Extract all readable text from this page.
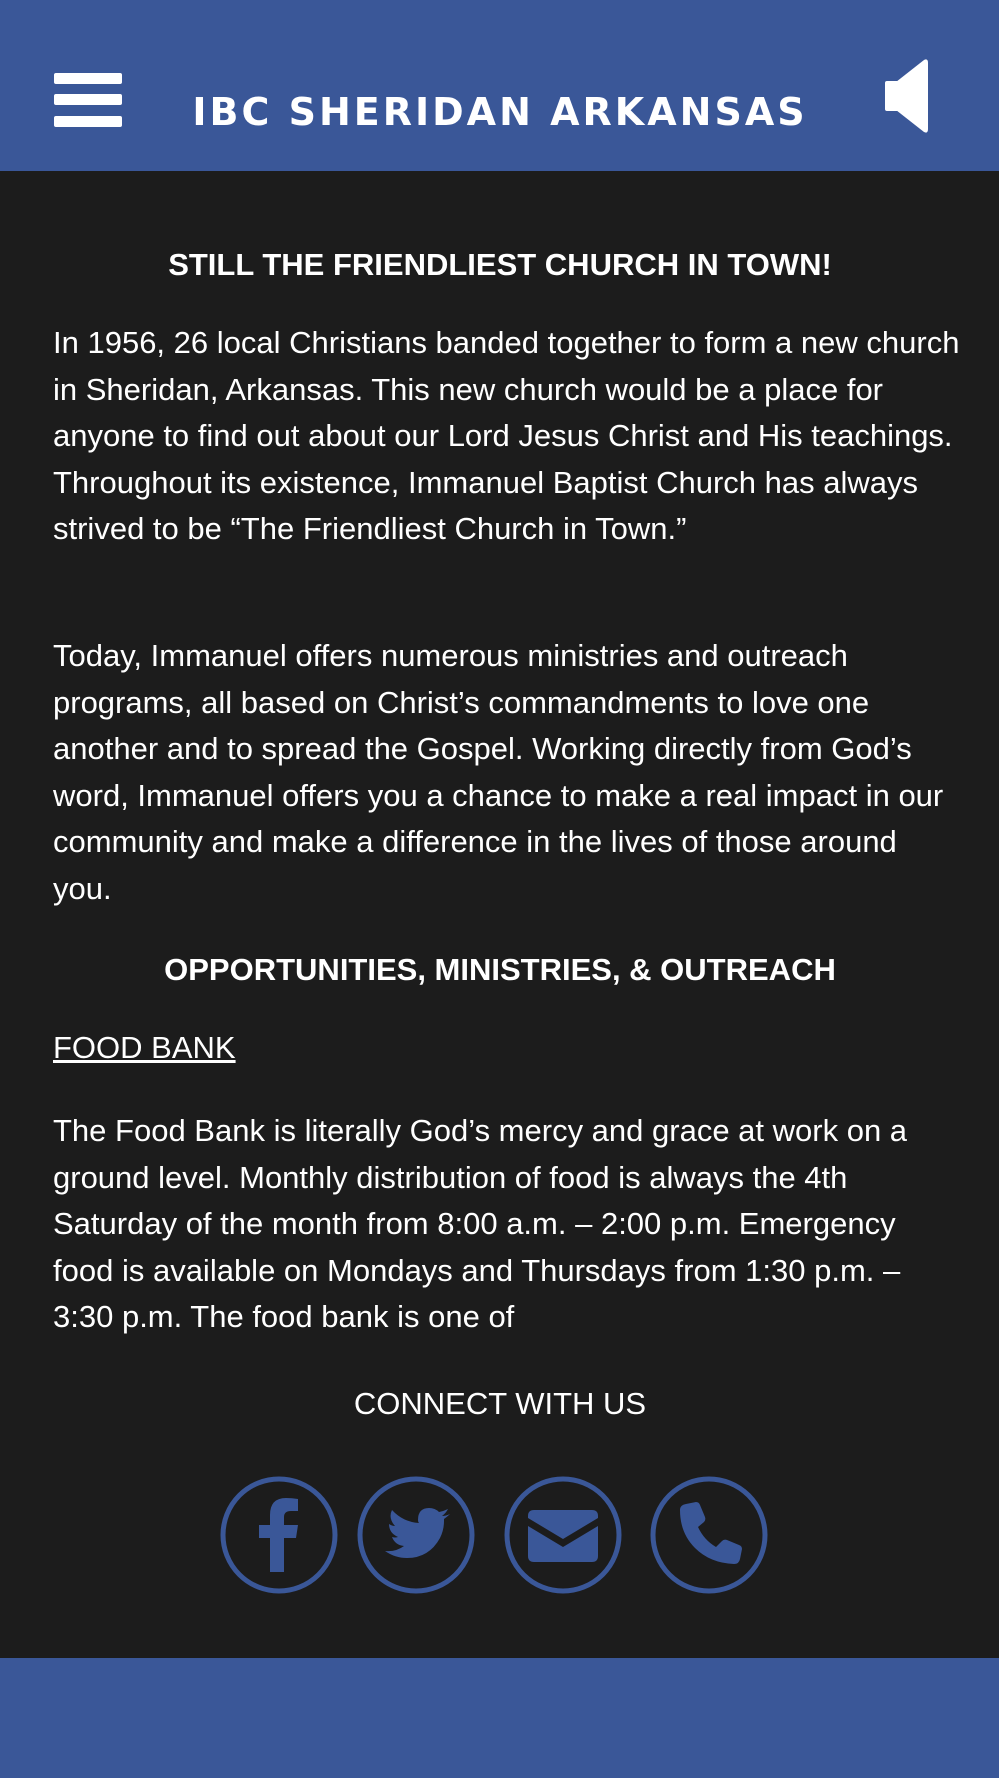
IBC SHERIDAN ARKANSAS
STILL THE FRIENDLIEST CHURCH IN TOWN!

In 1956, 26 local Christians banded together to form a new church in Sheridan, Arkansas. This new church would be a place for anyone to find out about our Lord Jesus Christ and His teachings. Throughout its existence, Immanuel Baptist Church has always strived to be “The Friendliest Church in Town.”

Today, Immanuel offers numerous ministries and outreach programs, all based on Christ’s commandments to love one another and to spread the Gospel. Working directly from God’s word, Immanuel offers you a chance to make a real impact in our community and make a difference in the lives of those around you.

OPPORTUNITIES, MINISTRIES, & OUTREACH
FOOD BANK

The Food Bank is literally God’s mercy and grace at work on a ground level. Monthly distribution of food is always the 4th Saturday of the month from 8:00 a.m. – 2:00 p.m. Emergency food is available on Mondays and Thursdays from 1:30 p.m. – 3:30 p.m. The food bank is one of

CONNECT WITH US
